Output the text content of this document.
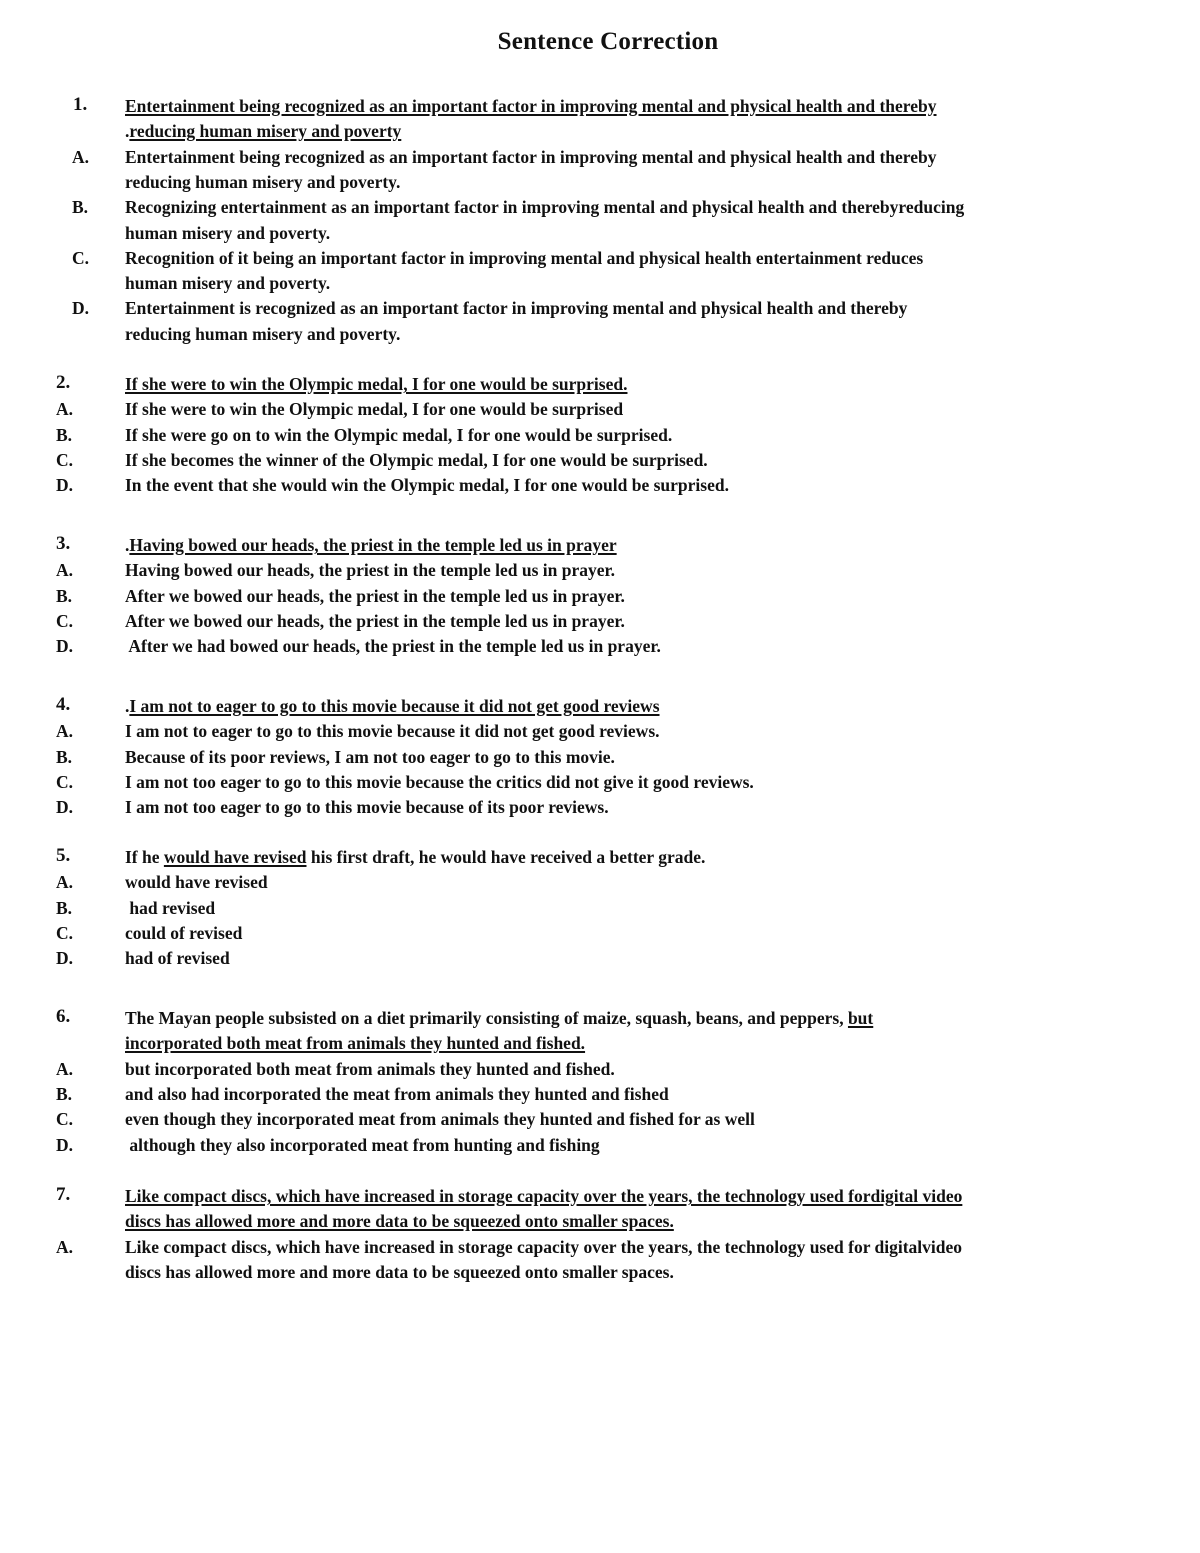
Sentence Correction
1.	Entertainment being recognized as an important factor in improving mental and physical health and thereby
.reducing human misery and poverty
A.	Entertainment being recognized as an important factor in improving mental and physical health and thereby
reducing human misery and poverty.
B.	Recognizing entertainment as an important factor in improving mental and physical health and therebyreducing
human misery and poverty.
C.	Recognition of it being an important factor in improving mental and physical health entertainment reduces
human misery and poverty.
D.	Entertainment is recognized as an important factor in improving mental and physical health and thereby
reducing human misery and poverty.
2.	If she were to win the Olympic medal, I for one would be surprised.
A.	If she were to win the Olympic medal, I for one would be surprised
B.	If she were go on to win the Olympic medal, I for one would be surprised.
C.	If she becomes the winner of the Olympic medal, I for one would be surprised.
D.	In the event that she would win the Olympic medal, I for one would be surprised.
3.	.Having bowed our heads, the priest in the temple led us in prayer
A.	Having bowed our heads, the priest in the temple led us in prayer.
B.	After we bowed our heads, the priest in the temple led us in prayer.
C.	After we bowed our heads, the priest in the temple led us in prayer.
D.	After we had bowed our heads, the priest in the temple led us in prayer.
4.	.I am not to eager to go to this movie because it did not get good reviews
A.	I am not to eager to go to this movie because it did not get good reviews.
B.	Because of its poor reviews, I am not too eager to go to this movie.
C.	I am not too eager to go to this movie because the critics did not give it good reviews.
D.	I am not too eager to go to this movie because of its poor reviews.
5.	If he would have revised his first draft, he would have received a better grade.
A.	would have revised
B.	had revised
C.	could of revised
D.	had of revised
6.	The Mayan people subsisted on a diet primarily consisting of maize, squash, beans, and peppers, but
incorporated both meat from animals they hunted and fished.
A.	but incorporated both meat from animals they hunted and fished.
B.	and also had incorporated the meat from animals they hunted and fished
C.	even though they incorporated meat from animals they hunted and fished for as well
D.	although they also incorporated meat from hunting and fishing
7.	Like compact discs, which have increased in storage capacity over the years, the technology used fordigital video
discs has allowed more and more data to be squeezed onto smaller spaces.
A.	Like compact discs, which have increased in storage capacity over the years, the technology used for digitalvideo
discs has allowed more and more data to be squeezed onto smaller spaces.
